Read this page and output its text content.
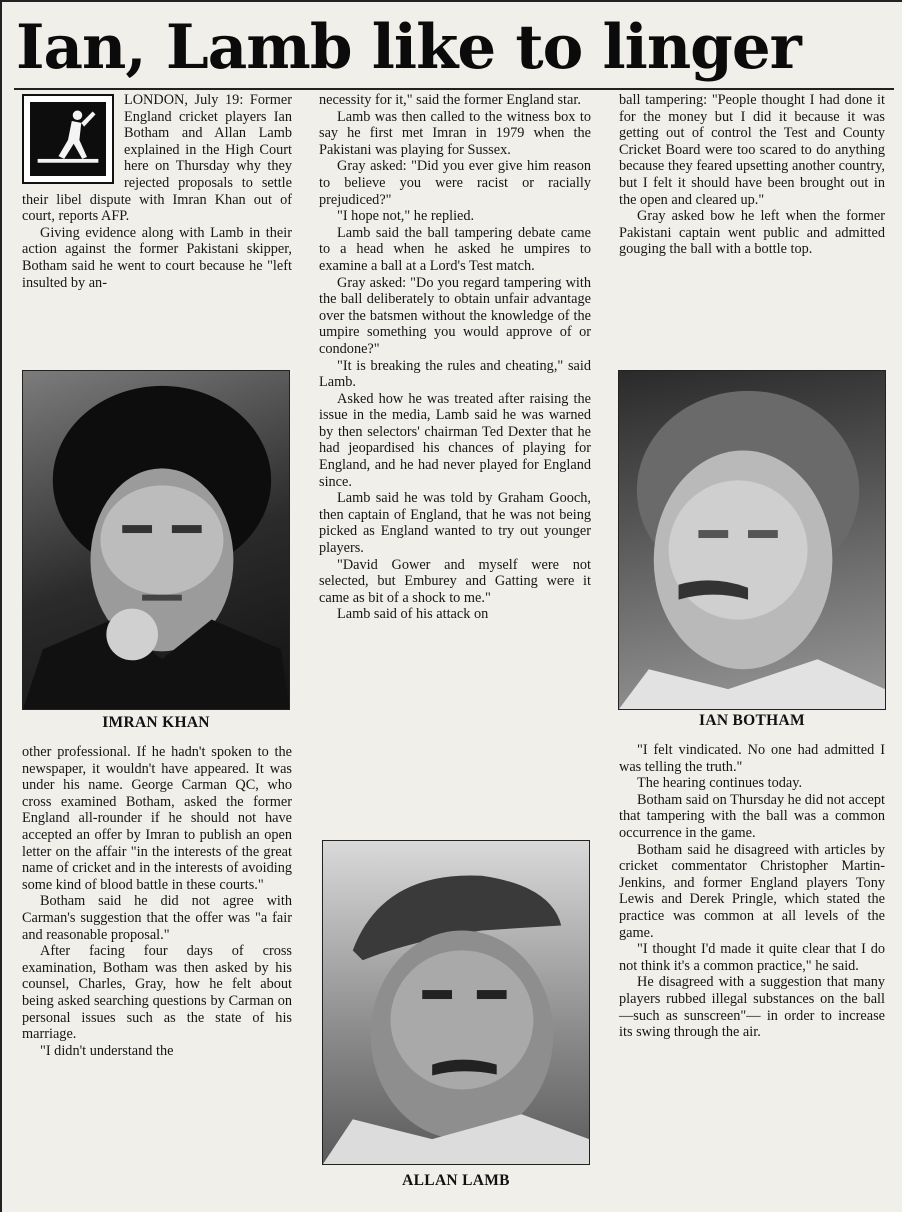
Ian, Lamb like to linger

LONDON, July 19: Former England cricket players Ian Botham and Allan Lamb explained in the High Court here on Thursday why they rejected proposals to settle their libel dispute with Imran Khan out of court, reports AFP.

Giving evidence along with Lamb in their action against the former Pakistani skipper, Botham said he went to court because he "left insulted by an-

other professional. If he hadn't spoken to the newspaper, it wouldn't have appeared. It was under his name. George Carman QC, who cross examined Botham, asked the former England all-rounder if he should not have accepted an offer by Imran to publish an open letter on the affair "in the interests of the great name of cricket and in the interests of avoiding some kind of blood battle in these courts."

Botham said he did not agree with Carman's suggestion that the offer was "a fair and reasonable proposal."

After facing four days of cross examination, Botham was then asked by his counsel, Charles, Gray, how he felt about being asked searching questions by Carman on personal issues such as the state of his marriage.

"I didn't understand the

necessity for it," said the former England star.

Lamb was then called to the witness box to say he first met Imran in 1979 when the Pakistani was playing for Sussex.

Gray asked: "Did you ever give him reason to believe you were racist or racially prejudiced?"

"I hope not," he replied.

Lamb said the ball tampering debate came to a head when he asked he umpires to examine a ball at a Lord's Test match.

Gray asked: "Do you regard tampering with the ball deliberately to obtain unfair advantage over the batsmen without the knowledge of the umpire something you would approve of or condone?"

"It is breaking the rules and cheating," said Lamb.

Asked how he was treated after raising the issue in the media, Lamb said he was warned by then selectors' chairman Ted Dexter that he had jeopardised his chances of playing for England, and he had never played for England since.

Lamb said he was told by Graham Gooch, then captain of England, that he was not being picked as England wanted to try out younger players.

"David Gower and myself were not selected, but Emburey and Gatting were it came as bit of a shock to me."

Lamb said of his attack on

ball tampering: "People thought I had done it for the money but I did it because it was getting out of control the Test and County Cricket Board were too scared to do anything because they feared upsetting another country, but I felt it should have been brought out in the open and cleared up."

Gray asked bow he left when the former Pakistani captain went public and admitted gouging the ball with a bottle top.

"I felt vindicated. No one had admitted I was telling the truth."

The hearing continues today.

Botham said on Thursday he did not accept that tampering with the ball was a common occurrence in the game.

Botham said he disagreed with articles by cricket commentator Christopher Martin-Jenkins, and former England players Tony Lewis and Derek Pringle, which stated the practice was common at all levels of the game.

"I thought I'd made it quite clear that I do not think it's a common practice," he said.

He disagreed with a suggestion that many players rubbed illegal substances on the ball—such as sunscreen"— in order to increase its swing through the air.

IMRAN KHAN	IAN BOTHAM
ALLAN LAMB
